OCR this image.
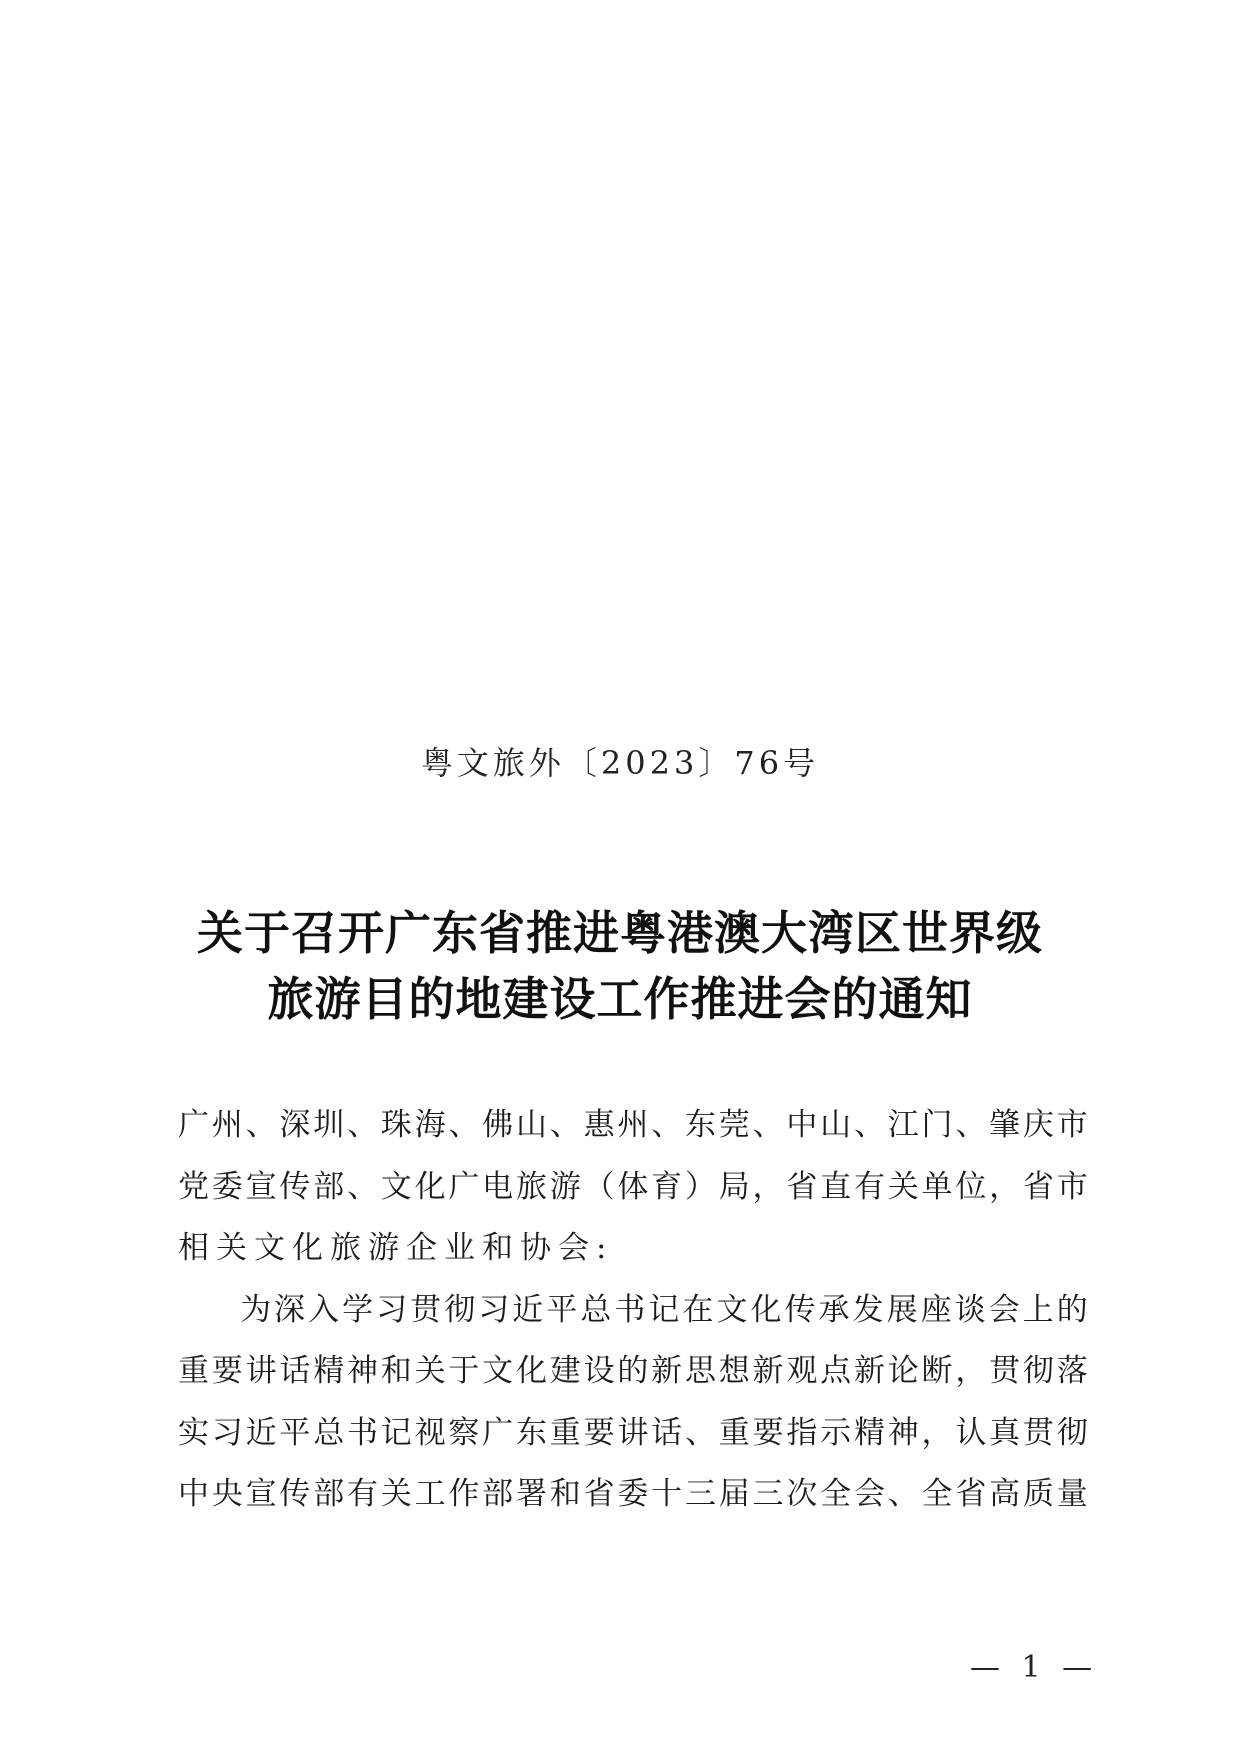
粤文旅外〔2023〕76号
关于召开广东省推进粤港澳大湾区世界级
旅游目的地建设工作推进会的通知
广 州 、 深 圳 、 珠 海 、 佛 山 、 惠 州 、 东 莞 、 中 山 、 江 门 、 肇 庆 市
党 委 宣 传 部 、 文 化 广 电 旅 游 （ 体 育 ） 局 ， 省 直 有 关 单 位 ， 省 市
相关文化旅游企业和协会:
为 深 入 学 习 贯 彻 习 近 平 总 书 记 在 文 化 传 承 发 展 座 谈 会 上 的
重 要 讲 话 精 神 和 关 于 文 化 建 设 的 新 思 想 新 观 点 新 论 断 ， 贯 彻 落
实 习 近 平 总 书 记 视 察 广 东 重 要 讲 话 、 重 要 指 示 精 神 ， 认 真 贯 彻
中 央 宣 传 部 有 关 工 作 部 署 和 省 委 十 三 届 三 次 全 会 、 全 省 高 质 量
— 1 —
